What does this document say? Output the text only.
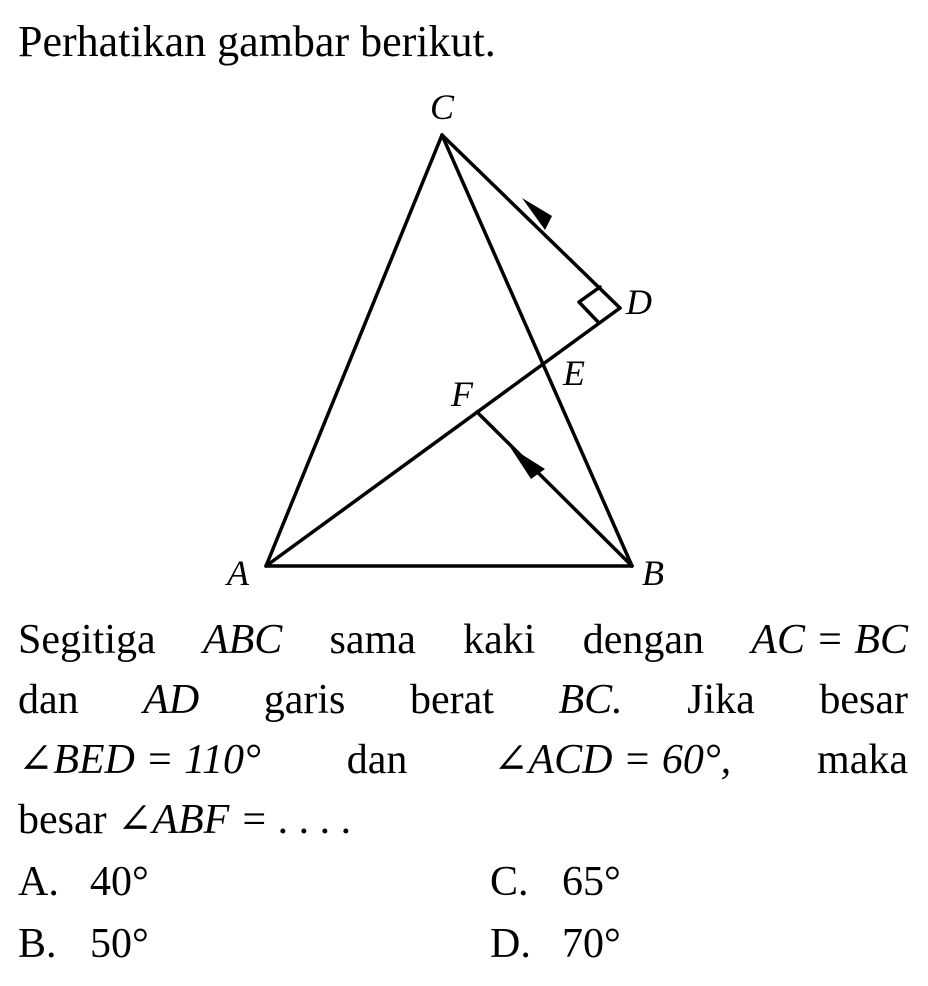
Perhatikan gambar berikut.
C
D
E
F
A	B
Segitiga ABC sama kaki dengan AC = BC
dan AD garis berat BC. Jika besar
∠BED = 110° dan ∠ACD = 60°, maka
besar ∠ABF = . . . .
A. 40°
B. 50°
C. 65°
D. 70°
